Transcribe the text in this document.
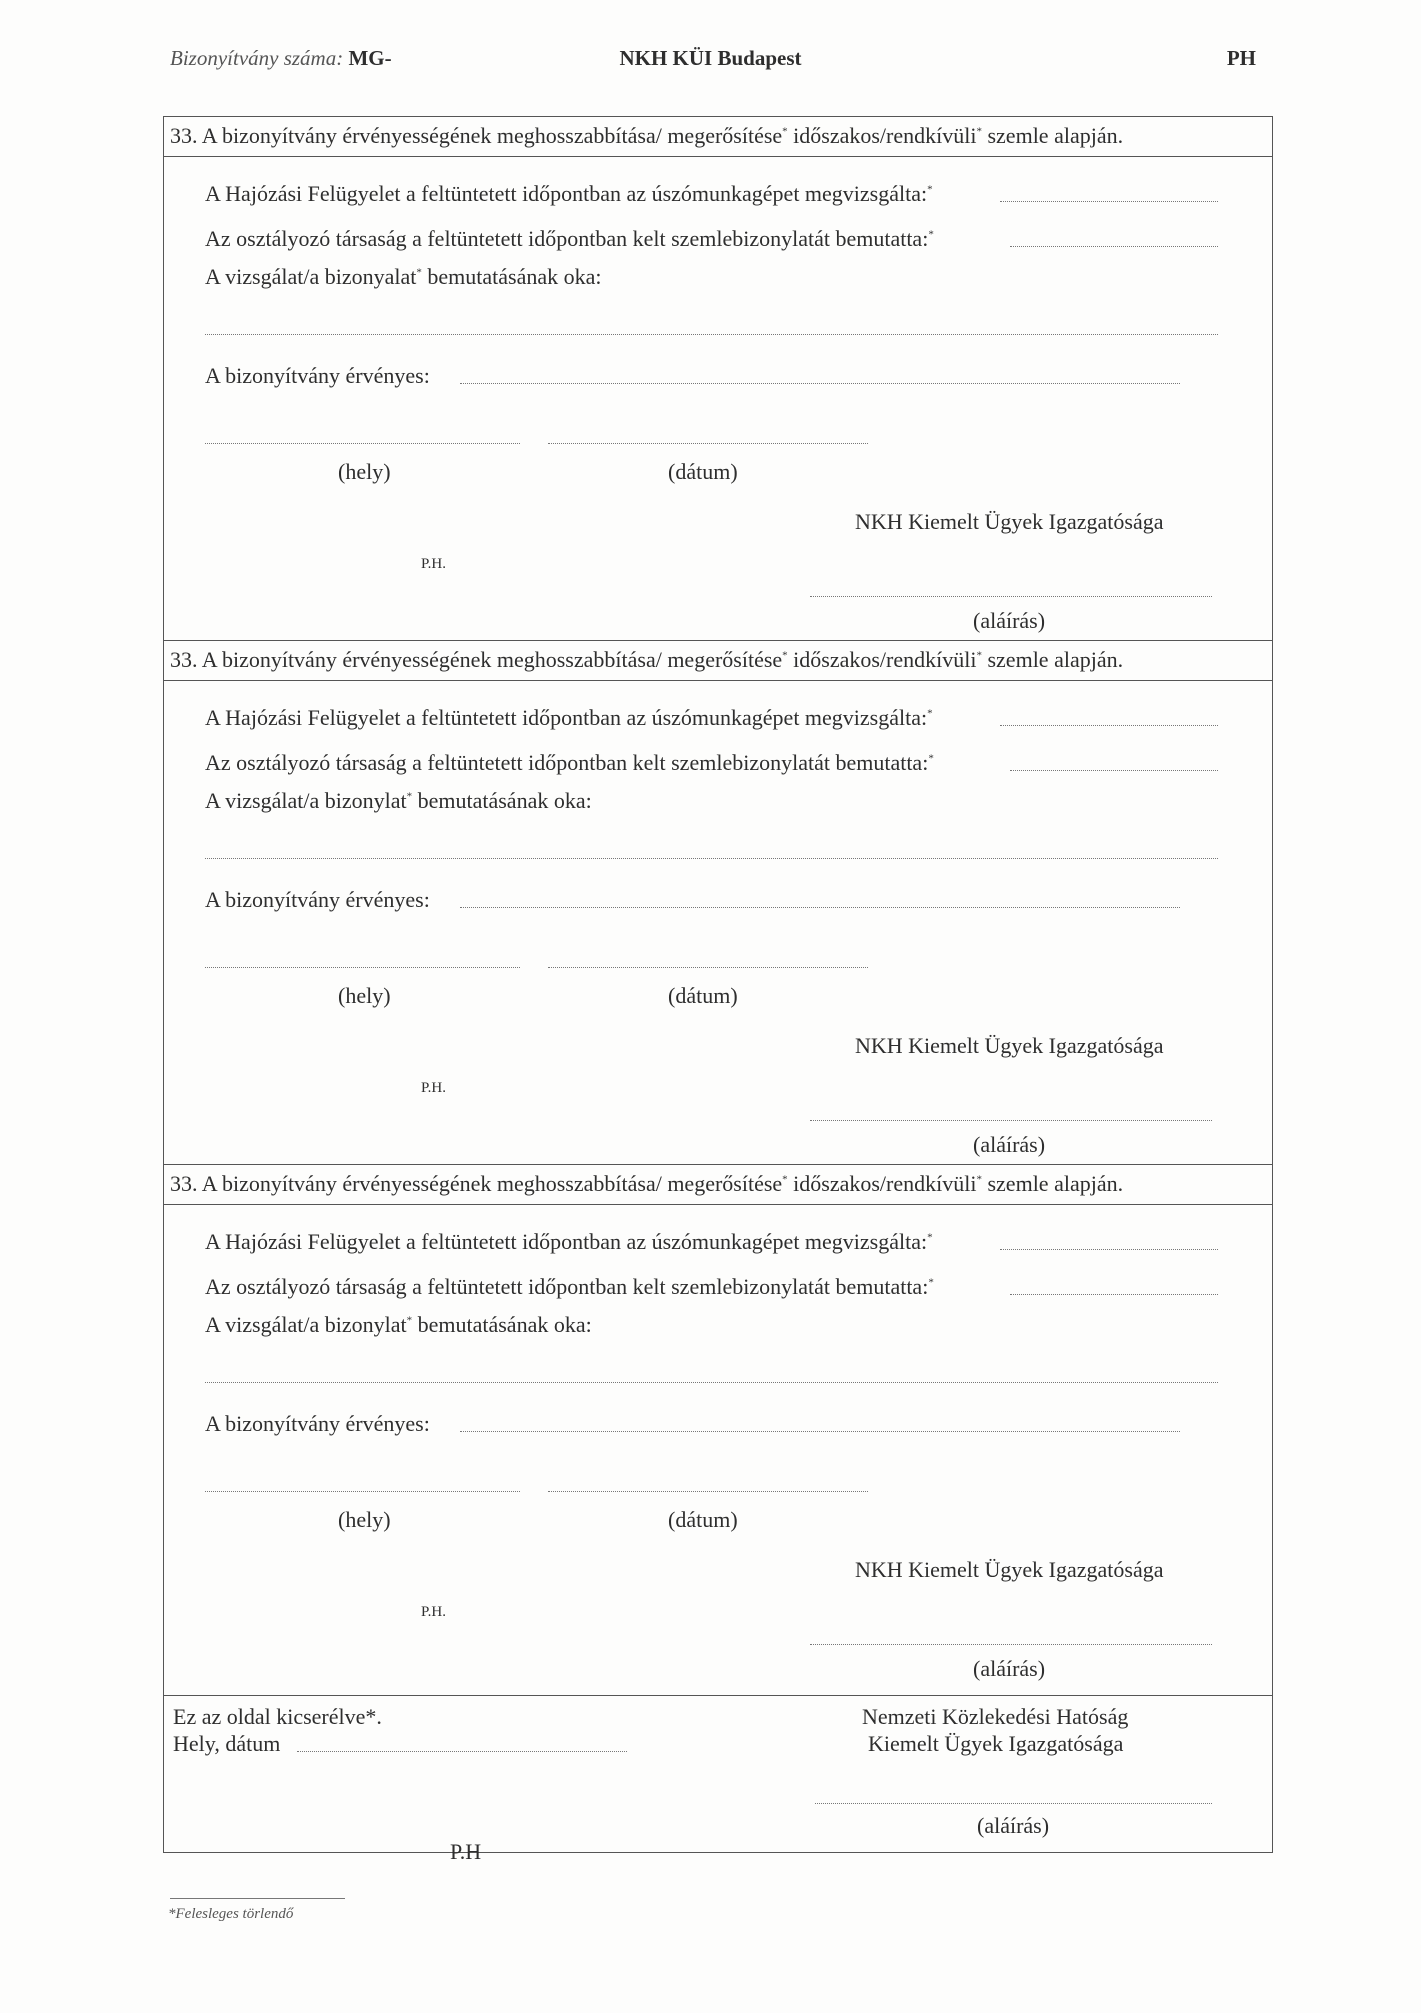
Bizonyítvány száma: MG-	NKH KÜI Budapest	PH
33. A bizonyítvány érvényességének meghosszabbítása/ megerősítése* időszakos/rendkívüli* szemle alapján.
A Hajózási Felügyelet a feltüntetett időpontban az úszómunkagépet megvizsgálta:*
Az osztályozó társaság a feltüntetett időpontban kelt szemlebizonylatát bemutatta:*
A vizsgálat/a bizonyalat* bemutatásának oka:
A bizonyítvány érvényes:
(hely)	(dátum)
NKH Kiemelt Ügyek Igazgatósága
P.H.
(aláírás)
33. A bizonyítvány érvényességének meghosszabbítása/ megerősítése* időszakos/rendkívüli* szemle alapján.
A Hajózási Felügyelet a feltüntetett időpontban az úszómunkagépet megvizsgálta:*
Az osztályozó társaság a feltüntetett időpontban kelt szemlebizonylatát bemutatta:*
A vizsgálat/a bizonylat* bemutatásának oka:
A bizonyítvány érvényes:
(hely)	(dátum)
NKH Kiemelt Ügyek Igazgatósága
P.H.
(aláírás)
33. A bizonyítvány érvényességének meghosszabbítása/ megerősítése* időszakos/rendkívüli* szemle alapján.
A Hajózási Felügyelet a feltüntetett időpontban az úszómunkagépet megvizsgálta:*
Az osztályozó társaság a feltüntetett időpontban kelt szemlebizonylatát bemutatta:*
A vizsgálat/a bizonylat* bemutatásának oka:
A bizonyítvány érvényes:
(hely)	(dátum)
NKH Kiemelt Ügyek Igazgatósága
P.H.
(aláírás)
Ez az oldal kicserélve*.
Hely, dátum
Nemzeti Közlekedési Hatóság
Kiemelt Ügyek Igazgatósága
(aláírás)
P.H
*Felesleges törlendő
